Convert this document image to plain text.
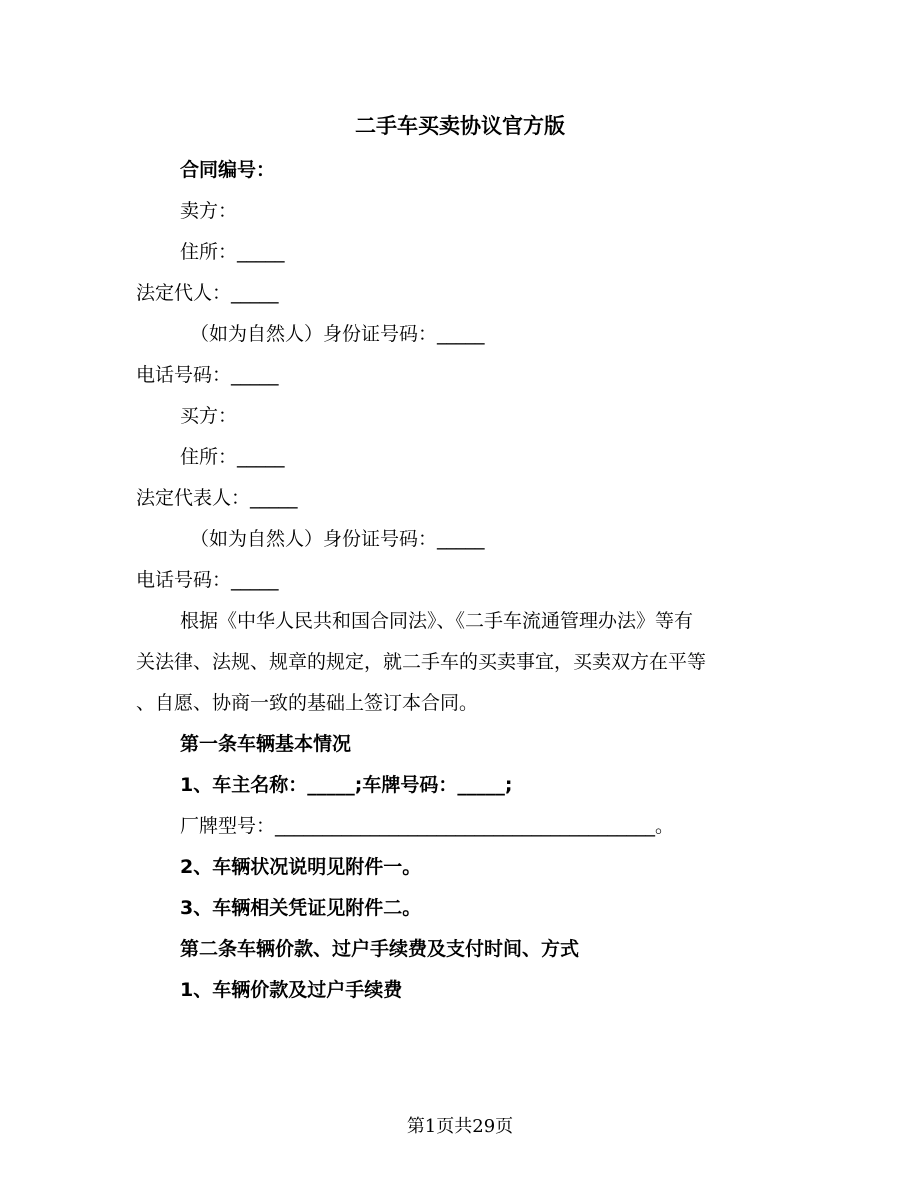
二手车买卖协议官方版
合同编号：
卖方：
住所：_____
法定代人：_____
（如为自然人）身份证号码：_____
电话号码：_____
买方：
住所：_____
法定代表人：_____
（如为自然人）身份证号码：_____
电话号码：_____
根据《中华人民共和国合同法》、《二手车流通管理办法》等有
关法律、法规、规章的规定，就二手车的买卖事宜，买卖双方在平等
、自愿、协商一致的基础上签订本合同。
第一条车辆基本情况
1、车主名称：_____;车牌号码：_____;
厂牌型号：________________________________________。
2、车辆状况说明见附件一。
3、车辆相关凭证见附件二。
第二条车辆价款、过户手续费及支付时间、方式
1、车辆价款及过户手续费
第1页共29页
